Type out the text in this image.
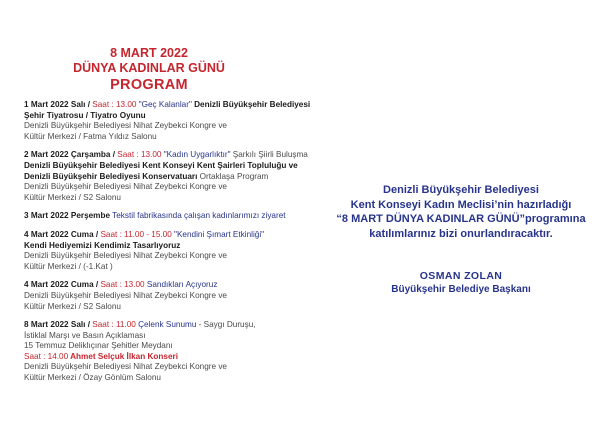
8 MART 2022
DÜNYA KADINLAR GÜNÜ
PROGRAM
1 Mart 2022 Salı / Saat : 13.00 "Geç Kalanlar" Denizli Büyükşehir Belediyesi
Şehir Tiyatrosu / Tiyatro Oyunu
Denizli Büyükşehir Belediyesi Nihat Zeybekci Kongre ve
Kültür Merkezi / Fatma Yıldız Salonu
2 Mart 2022 Çarşamba / Saat : 13.00 "Kadın Uygarlıktır" Şarkılı Şiirli Buluşma
Denizli Büyükşehir Belediyesi Kent Konseyi Kent Şairleri Topluluğu ve
Denizli Büyükşehir Belediyesi Konservatuarı Ortaklaşa Program
Denizli Büyükşehir Belediyesi Nihat Zeybekci Kongre ve
Kültür Merkezi / S2 Salonu
3 Mart 2022 Perşembe Tekstil fabrikasında çalışan kadınlarımızı ziyaret
4 Mart 2022 Cuma / Saat : 11.00 - 15.00 "Kendini Şımart Etkinliği"
Kendi Hediyemizi Kendimiz Tasarlıyoruz
Denizli Büyükşehir Belediyesi Nihat Zeybekci Kongre ve
Kültür Merkezi / (-1.Kat )
4 Mart 2022 Cuma / Saat : 13.00 Sandıkları Açıyoruz
Denizli Büyükşehir Belediyesi Nihat Zeybekci Kongre ve
Kültür Merkezi / S2 Salonu
8 Mart 2022 Salı / Saat : 11.00 Çelenk Sunumu - Saygı Duruşu,
İstiklal Marşı ve Basın Açıklaması
15 Temmuz Deliklıçınar Şehitler Meydanı
Saat : 14.00 Ahmet Selçuk İlkan Konseri
Denizli Büyükşehir Belediyesi Nihat Zeybekci Kongre ve
Kültür Merkezi / Özay Gönlüm Salonu
Denizli Büyükşehir Belediyesi
Kent Konseyi Kadın Meclisi’nin hazırladığı
“8 MART DÜNYA KADINLAR GÜNÜ”programına
katılımlarınız bizi onurlandıracaktır.
OSMAN ZOLAN
Büyükşehir Belediye Başkanı
